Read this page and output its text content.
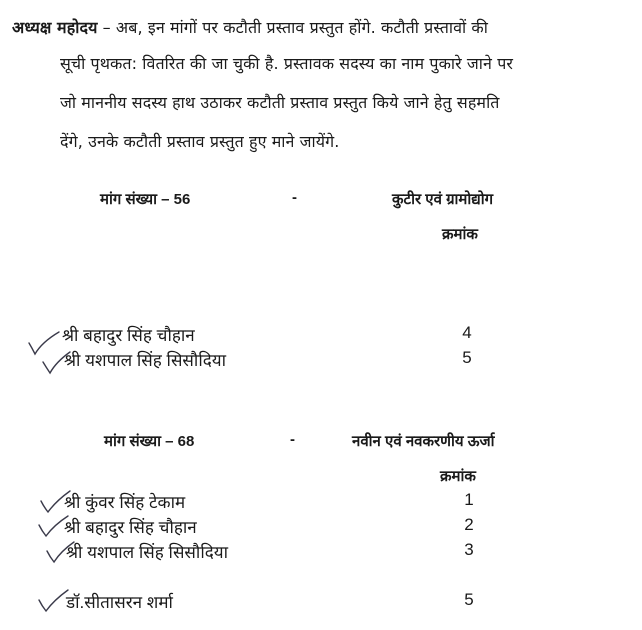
अध्यक्ष महोदय – अब, इन मांगों पर कटौती प्रस्ताव प्रस्तुत होंगे. कटौती प्रस्तावों की
सूची पृथकत: वितरित की जा चुकी है. प्रस्तावक सदस्य का नाम पुकारे जाने पर
जो माननीय सदस्य हाथ उठाकर कटौती प्रस्ताव प्रस्तुत किये जाने हेतु सहमति
देंगे, उनके कटौती प्रस्ताव प्रस्तुत हुए माने जायेंगे.
मांग संख्या – 56	-	कुटीर एवं ग्रामोद्योग
क्रमांक
श्री बहादुर सिंह चौहान	4
श्री यशपाल सिंह सिसौदिया	5
मांग संख्या – 68	-	नवीन एवं नवकरणीय ऊर्जा
क्रमांक
श्री कुंवर सिंह टेकाम	1
श्री बहादुर सिंह चौहान	2
श्री यशपाल सिंह सिसौदिया	3
डॉ.सीतासरन शर्मा	5
